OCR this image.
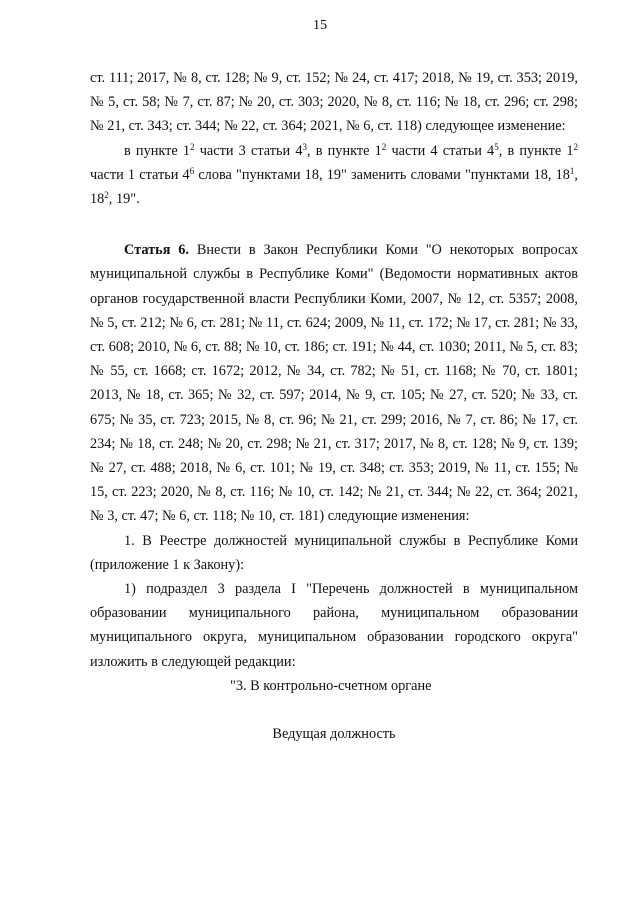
15

ст. 111; 2017, № 8, ст. 128; № 9, ст. 152; № 24, ст. 417; 2018, № 19, ст. 353; 2019, № 5, ст. 58; № 7, ст. 87; № 20, ст. 303; 2020, № 8, ст. 116; № 18, ст. 296; ст. 298; № 21, ст. 343; ст. 344; № 22, ст. 364; 2021, № 6, ст. 118) следующее изменение:

в пункте $1^2$ части 3 статьи $4^3$, в пункте $1^2$ части 4 статьи $4^5$, в пункте $1^2$ части 1 статьи $4^6$ слова "пунктами 18, 19" заменить словами "пунктами 18, $18^1$, $18^2$, 19".

Статья 6. Внести в Закон Республики Коми "О некоторых вопросах муниципальной службы в Республике Коми" (Ведомости нормативных актов органов государственной власти Республики Коми, 2007, № 12, ст. 5357; 2008, № 5, ст. 212; № 6, ст. 281; № 11, ст. 624; 2009, № 11, ст. 172; № 17, ст. 281; № 33, ст. 608; 2010, № 6, ст. 88; № 10, ст. 186; ст. 191; № 44, ст. 1030; 2011, № 5, ст. 83; № 55, ст. 1668; ст. 1672; 2012, № 34, ст. 782; № 51, ст. 1168; № 70, ст. 1801; 2013, № 18, ст. 365; № 32, ст. 597; 2014, № 9, ст. 105; № 27, ст. 520; № 33, ст. 675; № 35, ст. 723; 2015, № 8, ст. 96; № 21, ст. 299; 2016, № 7, ст. 86; № 17, ст. 234; № 18, ст. 248; № 20, ст. 298; № 21, ст. 317; 2017, № 8, ст. 128; № 9, ст. 139; № 27, ст. 488; 2018, № 6, ст. 101; № 19, ст. 348; ст. 353; 2019, № 11, ст. 155; № 15, ст. 223; 2020, № 8, ст. 116; № 10, ст. 142; № 21, ст. 344; № 22, ст. 364; 2021, № 3, ст. 47; № 6, ст. 118; № 10, ст. 181) следующие изменения:

1. В Реестре должностей муниципальной службы в Республике Коми (приложение 1 к Закону):

1) подраздел 3 раздела I "Перечень должностей в муниципальном образовании муниципального района, муниципальном образовании муниципального округа, муниципальном образовании городского округа" изложить в следующей редакции:

"3. В контрольно-счетном органе

Ведущая должность
